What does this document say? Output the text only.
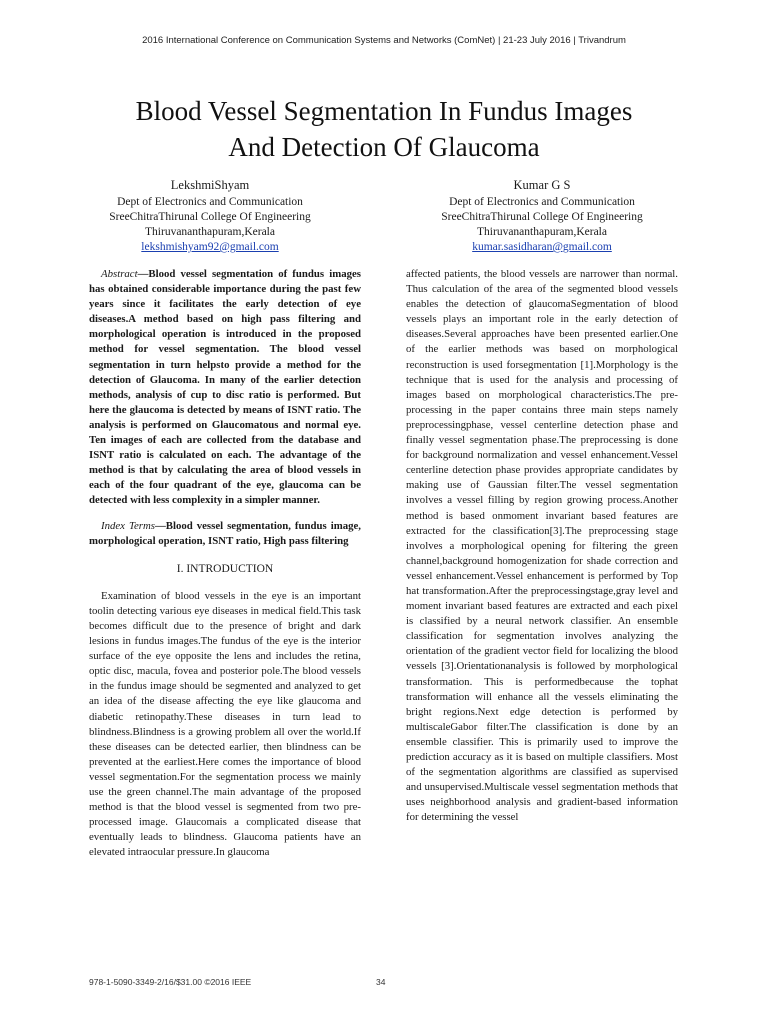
2016 International Conference on Communication Systems and Networks (ComNet) | 21-23 July 2016 | Trivandrum
Blood Vessel Segmentation In Fundus Images
And Detection Of Glaucoma
LekshmiShyam
Dept of Electronics and Communication
SreeChitraThirunal College Of Engineering
Thiruvananthapuram,Kerala
lekshmishyam92@gmail.com
Kumar G S
Dept of Electronics and Communication
SreeChitraThirunal College Of Engineering
Thiruvananthapuram,Kerala
kumar.sasidharan@gmail.com

Abstract—Blood vessel segmentation of fundus images has obtained considerable importance during the past few years since it facilitates the early detection of eye diseases.A method based on high pass filtering and morphological operation is introduced in the proposed method for vessel segmentation. The blood vessel segmentation in turn helpsto provide a method for the detection of Glaucoma. In many of the earlier detection methods, analysis of cup to disc ratio is performed. But here the glaucoma is detected by means of ISNT ratio. The analysis is performed on Glaucomatous and normal eye. Ten images of each are collected from the database and ISNT ratio is calculated on each. The advantage of the method is that by calculating the area of blood vessels in each of the four quadrant of the eye, glaucoma can be detected with less complexity in a simpler manner.

Index Terms—Blood vessel segmentation, fundus image, morphological operation, ISNT ratio, High pass filtering

I. INTRODUCTION

Examination of blood vessels in the eye is an important toolin detecting various eye diseases in medical field.This task becomes difficult due to the presence of bright and dark lesions in fundus images.The fundus of the eye is the interior surface of the eye opposite the lens and includes the retina, optic disc, macula, fovea and posterior pole.The blood vessels in the fundus image should be segmented and analyzed to get an idea of the disease affecting the eye like glaucoma and diabetic retinopathy.These diseases in turn lead to blindness.Blindness is a growing problem all over the world.If these diseases can be detected earlier, then blindness can be prevented at the earliest.Here comes the importance of blood vessel segmentation.For the segmentation process we mainly use the green channel.The main advantage of the proposed method is that the blood vessel is segmented from two pre-processed image. Glaucomais a complicated disease that eventually leads to blindness. Glaucoma patients have an elevated intraocular pressure.In glaucoma

affected patients, the blood vessels are narrower than normal. Thus calculation of the area of the segmented blood vessels enables the detection of glaucomaSegmentation of blood vessels plays an important role in the early detection of diseases.Several approaches have been presented earlier.One of the earlier methods was based on morphological reconstruction is used forsegmentation [1].Morphology is the technique that is used for the analysis and processing of images based on morphological characteristics.The pre-processing in the paper contains three main steps namely preprocessingphase, vessel centerline detection phase and finally vessel segmentation phase.The preprocessing is done for background normalization and vessel enhancement.Vessel centerline detection phase provides appropriate candidates by making use of Gaussian filter.The vessel segmentation involves a vessel filling by region growing process.Another method is based onmoment invariant based features are extracted for the classification[3].The preprocessing stage involves a morphological opening for filtering the green channel,background homogenization for shade correction and vessel enhancement.Vessel enhancement is performed by Top hat transformation.After the preprocessingstage,gray level and moment invariant based features are extracted and each pixel is classified by a neural network classifier. An ensemble classification for segmentation involves analyzing the orientation of the gradient vector field for localizing the blood vessels [3].Orientationanalysis is followed by morphological transformation. This is performedbecause the tophat transformation will enhance all the vessels eliminating the bright regions.Next edge detection is performed by multiscaleGabor filter.The classification is done by an ensemble classifier. This is primarily used to improve the prediction accuracy as it is based on multiple classifiers. Most of the segmentation algorithms are classified as supervised and unsupervised.Multiscale vessel segmentation methods that uses neighborhood analysis and gradient-based information for determining the vessel

978-1-5090-3349-2/16/$31.00 ©2016 IEEE	34
